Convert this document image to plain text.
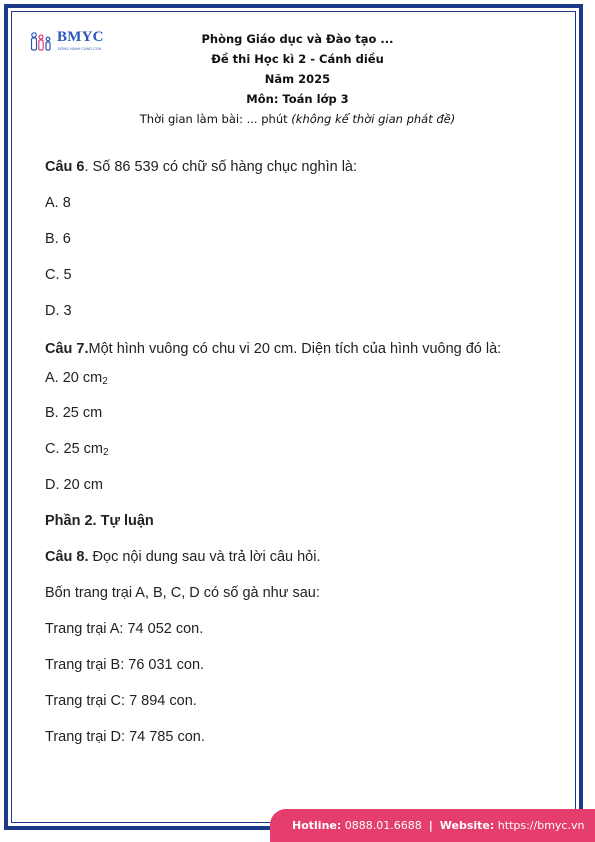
BMYC
ĐỒNG HÀNH CÙNG CON
Phòng Giáo dục và Đào tạo ...
Đề thi Học kì 2 - Cánh diều
Năm 2025
Môn: Toán lớp 3
Thời gian làm bài: ... phút (không kể thời gian phát đề)
Câu 6. Số 86 539 có chữ số hàng chục nghìn là:
A. 8
B. 6
C. 5
D. 3
Câu 7.Một hình vuông có chu vi 20 cm. Diện tích của hình vuông đó là:
A. 20 $cm_2$
B. 25 cm
C. 25 $cm_2$
D. 20 cm
Phần 2. Tự luận
Câu 8. Đọc nội dung sau và trả lời câu hỏi.
Bốn trang trại A, B, C, D có số gà như sau:
Trang trại A: 74 052 con.
Trang trại B: 76 031 con.
Trang trại C: 7 894 con.
Trang trại D: 74 785 con.
Hotline: 0888.01.6688 | Website: https://bmyc.vn
